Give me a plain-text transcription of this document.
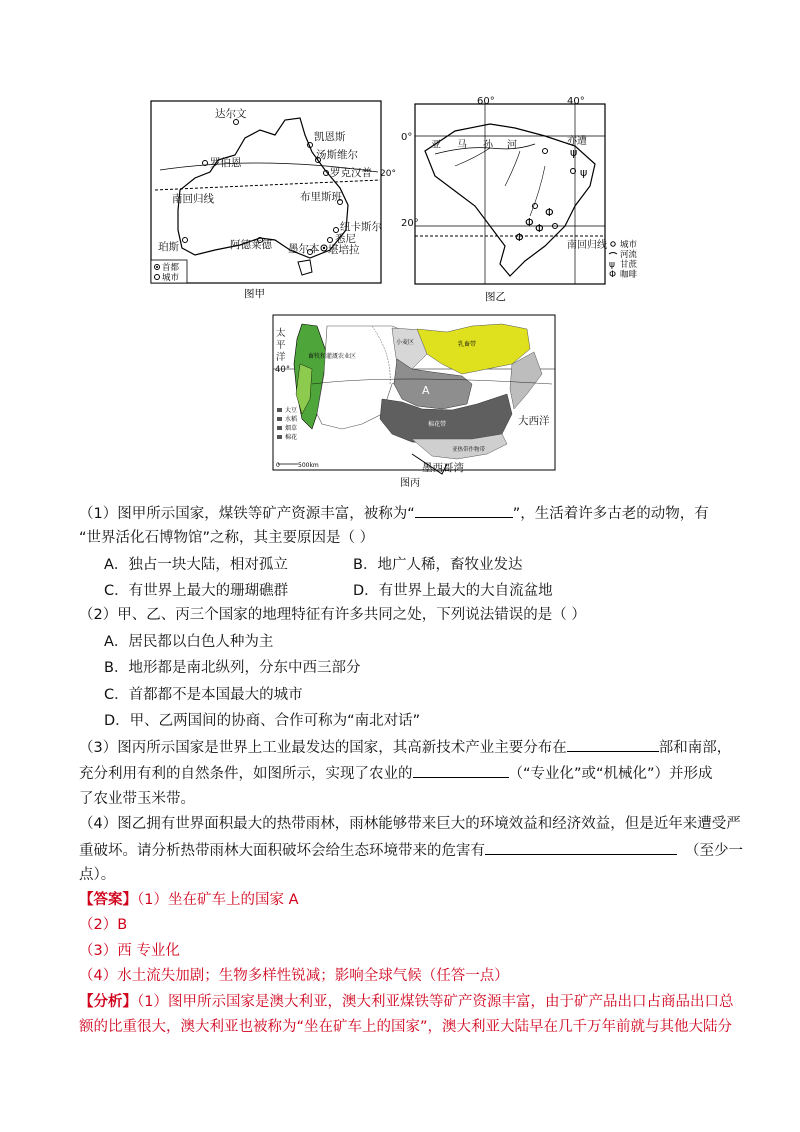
达尔文
凯恩斯
汤斯维尔
罗克汉普 20°
罗伯恩
南回归线	布里斯班
纽卡斯尔
悉尼
堪培拉
珀斯	阿德莱德 墨尔本
首都
城市
图甲
Φ Φ
Φ
Φ
ψ
ψ
60°	40°
0°
20°
亚 马 孙 河	亦遭
南回归线 城市
河流
ψ 甘蔗
Φ 咖啡
图乙
太
平
洋
40°
大西洋
墨西哥湾
A
畜牧和灌溉农业区
小麦区	乳畜带
棉花带
亚热带作物带
大豆
水稻
烟草
棉花
0	500km
图丙
（1）图甲所示国家，煤铁等矿产资源丰富，被称为“	”，生活着许多古老的动物，有
“世界活化石博物馆”之称，其主要原因是（ ）
A．独占一块大陆，相对孤立	B．地广人稀，畜牧业发达
C．有世界上最大的珊瑚礁群	D．有世界上最大的大自流盆地
（2）甲、乙、丙三个国家的地理特征有许多共同之处，下列说法错误的是（ ）
A．居民都以白色人种为主
B．地形都是南北纵列，分东中西三部分
C．首都都不是本国最大的城市
D．甲、乙两国间的协商、合作可称为“南北对话”
（3）图丙所示国家是世界上工业最发达的国家，其高新技术产业主要分布在	部和南部，
充分利用有利的自然条件，如图所示，实现了农业的	（“专业化”或“机械化”）并形成
了农业带玉米带。
（4）图乙拥有世界面积最大的热带雨林，雨林能够带来巨大的环境效益和经济效益，但是近年来遭受严
重破坏。请分析热带雨林大面积破坏会给生态环境带来的危害有	（至少一
点）。
【答案】（1）坐在矿车上的国家 A
（2）B
（3）西 专业化
（4）水土流失加剧；生物多样性锐减；影响全球气候（任答一点）
【分析】（1）图甲所示国家是澳大利亚，澳大利亚煤铁等矿产资源丰富，由于矿产品出口占商品出口总
额的比重很大，澳大利亚也被称为“坐在矿车上的国家”，澳大利亚大陆早在几千万年前就与其他大陆分
